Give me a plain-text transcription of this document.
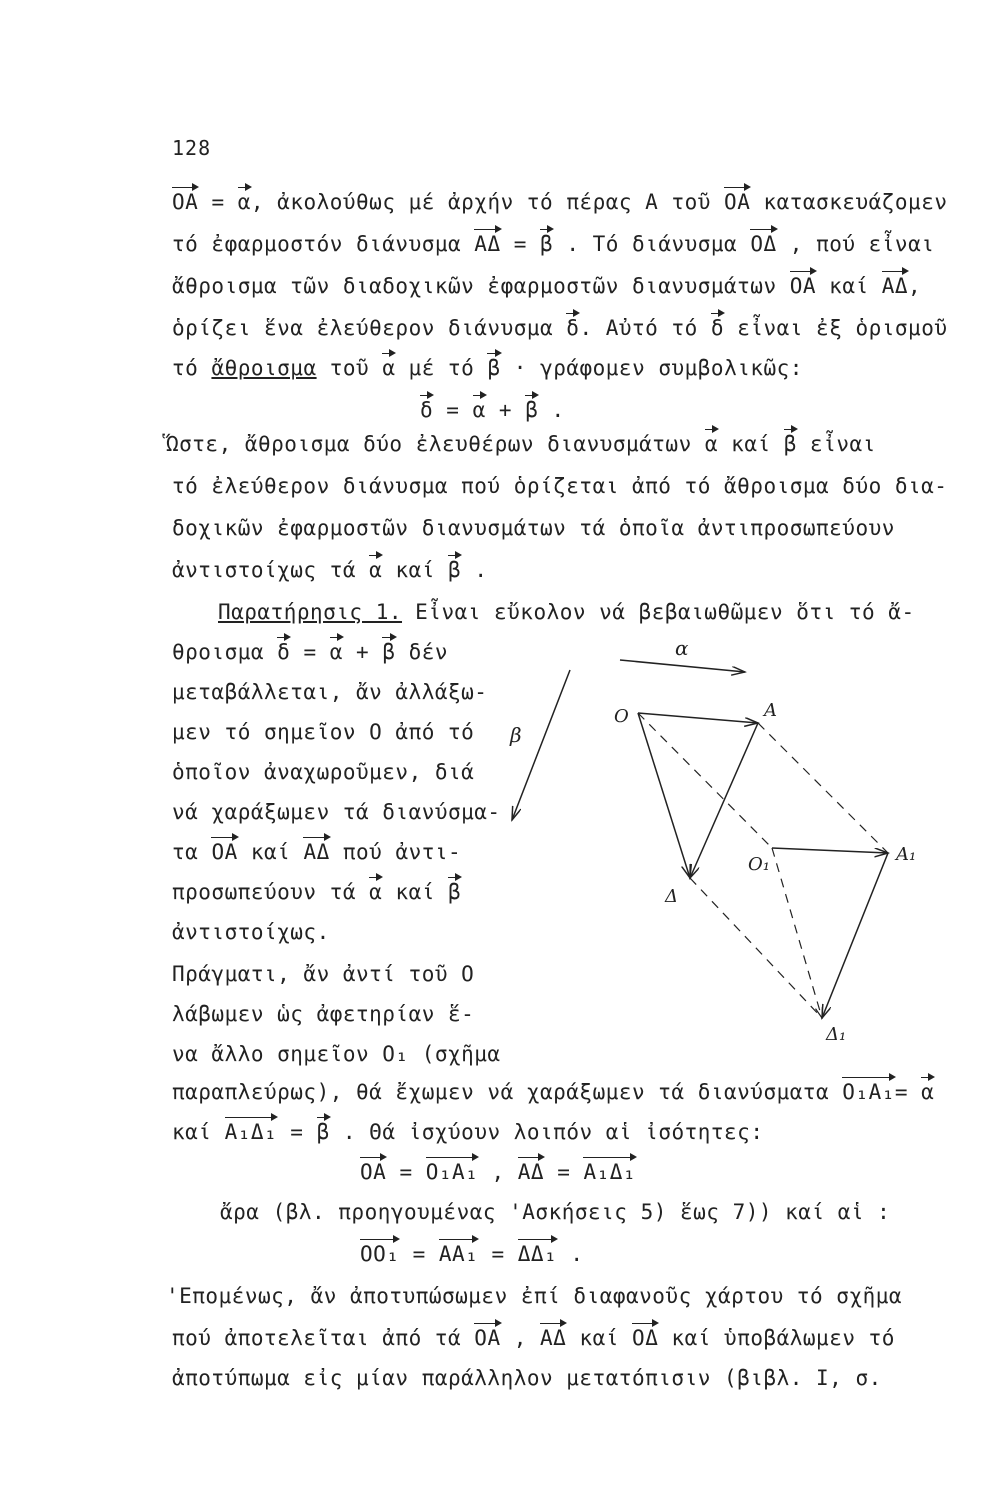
128
ΟΑ = α, ἀκολούθως μέ ἀρχήν τό πέρας Α τοῦ ΟΑ κατασκευάζομεν
τό ἐφαρμοστόν διάνυσμα ΑΔ = β . Τό διάνυσμα ΟΔ , πού εἶναι
ἄθροισμα τῶν διαδοχικῶν ἐφαρμοστῶν διανυσμάτων ΟΑ καί ΑΔ,
ὁρίζει ἕνα ἐλεύθερον διάνυσμα δ. Αὐτό τό δ εἶναι ἐξ ὁρισμοῦ
τό ἄθροισμα τοῦ α μέ τό β · γράφομεν συμβολικῶς:
δ = α + β .
Ὥστε, ἄθροισμα δύο ἐλευθέρων διανυσμάτων α καί β εἶναι
τό ἐλεύθερον διάνυσμα πού ὁρίζεται ἀπό τό ἄθροισμα δύο δια-
δοχικῶν ἐφαρμοστῶν διανυσμάτων τά ὁποῖα ἀντιπροσωπεύουν
ἀντιστοίχως τά α καί β .
Παρατήρησις 1. Εἶναι εὔκολον νά βεβαιωθῶμεν ὅτι τό ἄ-
θροισμα δ = α + β δέν
μεταβάλλεται, ἄν ἀλλάξω-
μεν τό σημεῖον Ο ἀπό τό
ὁποῖον ἀναχωροῦμεν, διά
νά χαράξωμεν τά διανύσμα-
τα ΟΑ καί ΑΔ πού ἀντι-
προσωπεύουν τά α καί β
ἀντιστοίχως.
Πράγματι, ἄν ἀντί τοῦ Ο
λάβωμεν ὡς ἀφετηρίαν ἕ-
να ἄλλο σημεῖον Ο₁ (σχῆμα
παραπλεύρως), θά ἔχωμεν νά χαράξωμεν τά διανύσματα Ο₁Α₁= α
καί Α₁Δ₁ = β . Θά ἰσχύουν λοιπόν αἱ ἰσότητες:
ΟΑ = Ο₁Α₁ , ΑΔ = Α₁Δ₁
ἄρα (βλ. προηγουμένας 'Ασκήσεις 5) ἕως 7)) καί αἱ :
ΟΟ₁ = ΑΑ₁ = ΔΔ₁ .
'Επομένως, ἄν ἀποτυπώσωμεν ἐπί διαφανοῦς χάρτου τό σχῆμα
πού ἀποτελεῖται ἀπό τά ΟΑ , ΑΔ καί ΟΔ καί ὑποβάλωμεν τό
ἀποτύπωμα εἰς μίαν παράλληλον μετατόπισιν (βιβλ. Ι, σ.
α
β
O	A
Δ
O₁	A₁
Δ₁
